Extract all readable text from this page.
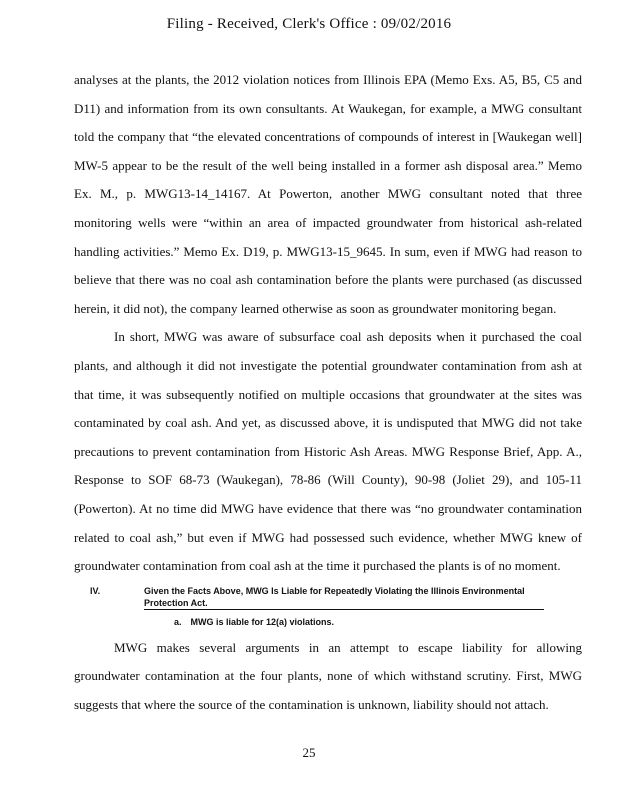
Filing - Received, Clerk's Office : 09/02/2016

analyses at the plants, the 2012 violation notices from Illinois EPA (Memo Exs. A5, B5, C5 and D11) and information from its own consultants. At Waukegan, for example, a MWG consultant told the company that “the elevated concentrations of compounds of interest in [Waukegan well] MW-5 appear to be the result of the well being installed in a former ash disposal area.” Memo Ex. M., p. MWG13-14_14167. At Powerton, another MWG consultant noted that three monitoring wells were “within an area of impacted groundwater from historical ash-related handling activities.” Memo Ex. D19, p. MWG13-15_9645. In sum, even if MWG had reason to believe that there was no coal ash contamination before the plants were purchased (as discussed herein, it did not), the company learned otherwise as soon as groundwater monitoring began.

In short, MWG was aware of subsurface coal ash deposits when it purchased the coal plants, and although it did not investigate the potential groundwater contamination from ash at that time, it was subsequently notified on multiple occasions that groundwater at the sites was contaminated by coal ash. And yet, as discussed above, it is undisputed that MWG did not take precautions to prevent contamination from Historic Ash Areas. MWG Response Brief, App. A., Response to SOF 68-73 (Waukegan), 78-86 (Will County), 90-98 (Joliet 29), and 105-11 (Powerton). At no time did MWG have evidence that there was “no groundwater contamination related to coal ash,” but even if MWG had possessed such evidence, whether MWG knew of groundwater contamination from coal ash at the time it purchased the plants is of no moment.

IV.	Given the Facts Above, MWG Is Liable for Repeatedly Violating the Illinois Environmental Protection Act.
a. MWG is liable for 12(a) violations.

MWG makes several arguments in an attempt to escape liability for allowing groundwater contamination at the four plants, none of which withstand scrutiny. First, MWG suggests that where the source of the contamination is unknown, liability should not attach.

25
